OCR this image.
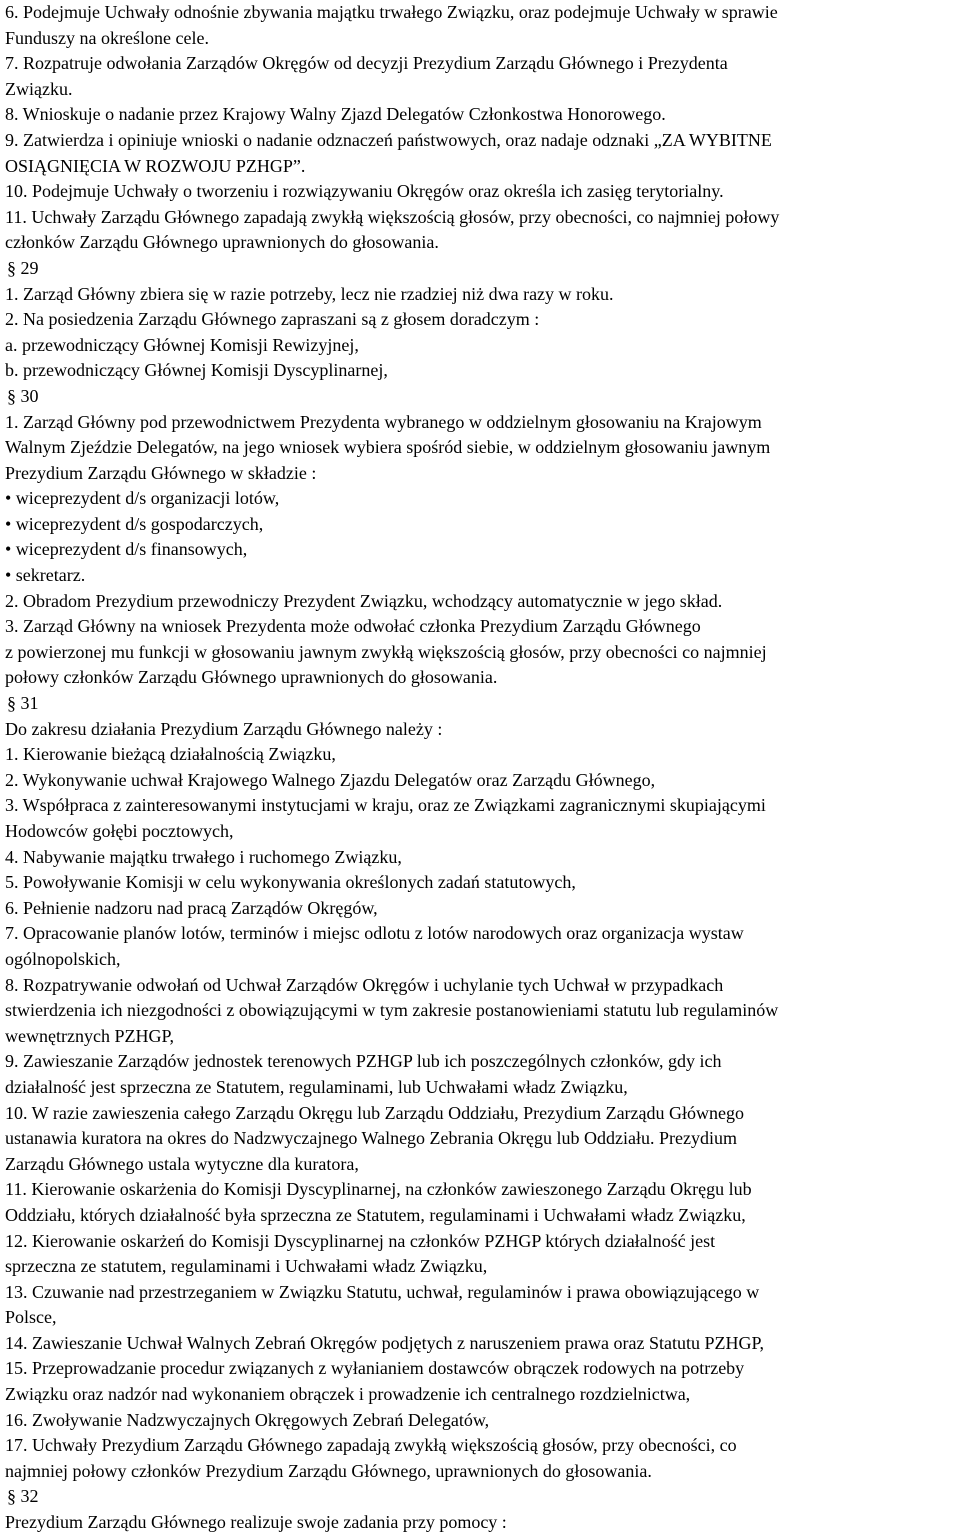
6. Podejmuje Uchwały odnośnie zbywania majątku trwałego Związku, oraz podejmuje Uchwały w sprawie
Funduszy na określone cele.
7. Rozpatruje odwołania Zarządów Okręgów od decyzji Prezydium Zarządu Głównego i Prezydenta
Związku.
8. Wnioskuje o nadanie przez Krajowy Walny Zjazd Delegatów Członkostwa Honorowego.
9. Zatwierdza i opiniuje wnioski o nadanie odznaczeń państwowych, oraz nadaje odznaki „ZA WYBITNE
OSIĄGNIĘCIA W ROZWOJU PZHGP”.
10. Podejmuje Uchwały o tworzeniu i rozwiązywaniu Okręgów oraz określa ich zasięg terytorialny.
11. Uchwały Zarządu Głównego zapadają zwykłą większością głosów, przy obecności, co najmniej połowy
członków Zarządu Głównego uprawnionych do głosowania.
§ 29
1. Zarząd Główny zbiera się w razie potrzeby, lecz nie rzadziej niż dwa razy w roku.
2. Na posiedzenia Zarządu Głównego zapraszani są z głosem doradczym :
a. przewodniczący Głównej Komisji Rewizyjnej,
b. przewodniczący Głównej Komisji Dyscyplinarnej,
§ 30
1. Zarząd Główny pod przewodnictwem Prezydenta wybranego w oddzielnym głosowaniu na Krajowym
Walnym Zjeździe Delegatów, na jego wniosek wybiera spośród siebie, w oddzielnym głosowaniu jawnym
Prezydium Zarządu Głównego w składzie :
• wiceprezydent d/s organizacji lotów,
• wiceprezydent d/s gospodarczych,
• wiceprezydent d/s finansowych,
• sekretarz.
2. Obradom Prezydium przewodniczy Prezydent Związku, wchodzący automatycznie w jego skład.
3. Zarząd Główny na wniosek Prezydenta może odwołać członka Prezydium Zarządu Głównego
z powierzonej mu funkcji w głosowaniu jawnym zwykłą większością głosów, przy obecności co najmniej
połowy członków Zarządu Głównego uprawnionych do głosowania.
§ 31
Do zakresu działania Prezydium Zarządu Głównego należy :
1. Kierowanie bieżącą działalnością Związku,
2. Wykonywanie uchwał Krajowego Walnego Zjazdu Delegatów oraz Zarządu Głównego,
3. Współpraca z zainteresowanymi instytucjami w kraju, oraz ze Związkami zagranicznymi skupiającymi
Hodowców gołębi pocztowych,
4. Nabywanie majątku trwałego i ruchomego Związku,
5. Powoływanie Komisji w celu wykonywania określonych zadań statutowych,
6. Pełnienie nadzoru nad pracą Zarządów Okręgów,
7. Opracowanie planów lotów, terminów i miejsc odlotu z lotów narodowych oraz organizacja wystaw
ogólnopolskich,
8. Rozpatrywanie odwołań od Uchwał Zarządów Okręgów i uchylanie tych Uchwał w przypadkach
stwierdzenia ich niezgodności z obowiązującymi w tym zakresie postanowieniami statutu lub regulaminów
wewnętrznych PZHGP,
9. Zawieszanie Zarządów jednostek terenowych PZHGP lub ich poszczególnych członków, gdy ich
działalność jest sprzeczna ze Statutem, regulaminami, lub Uchwałami władz Związku,
10. W razie zawieszenia całego Zarządu Okręgu lub Zarządu Oddziału, Prezydium Zarządu Głównego
ustanawia kuratora na okres do Nadzwyczajnego Walnego Zebrania Okręgu lub Oddziału. Prezydium
Zarządu Głównego ustala wytyczne dla kuratora,
11. Kierowanie oskarżenia do Komisji Dyscyplinarnej, na członków zawieszonego Zarządu Okręgu lub
Oddziału, których działalność była sprzeczna ze Statutem, regulaminami i Uchwałami władz Związku,
12. Kierowanie oskarżeń do Komisji Dyscyplinarnej na członków PZHGP których działalność jest
sprzeczna ze statutem, regulaminami i Uchwałami władz Związku,
13. Czuwanie nad przestrzeganiem w Związku Statutu, uchwał, regulaminów i prawa obowiązującego w
Polsce,
14. Zawieszanie Uchwał Walnych Zebrań Okręgów podjętych z naruszeniem prawa oraz Statutu PZHGP,
15. Przeprowadzanie procedur związanych z wyłanianiem dostawców obrączek rodowych na potrzeby
Związku oraz nadzór nad wykonaniem obrączek i prowadzenie ich centralnego rozdzielnictwa,
16. Zwoływanie Nadzwyczajnych Okręgowych Zebrań Delegatów,
17. Uchwały Prezydium Zarządu Głównego zapadają zwykłą większością głosów, przy obecności, co
najmniej połowy członków Prezydium Zarządu Głównego, uprawnionych do głosowania.
§ 32
Prezydium Zarządu Głównego realizuje swoje zadania przy pomocy :
